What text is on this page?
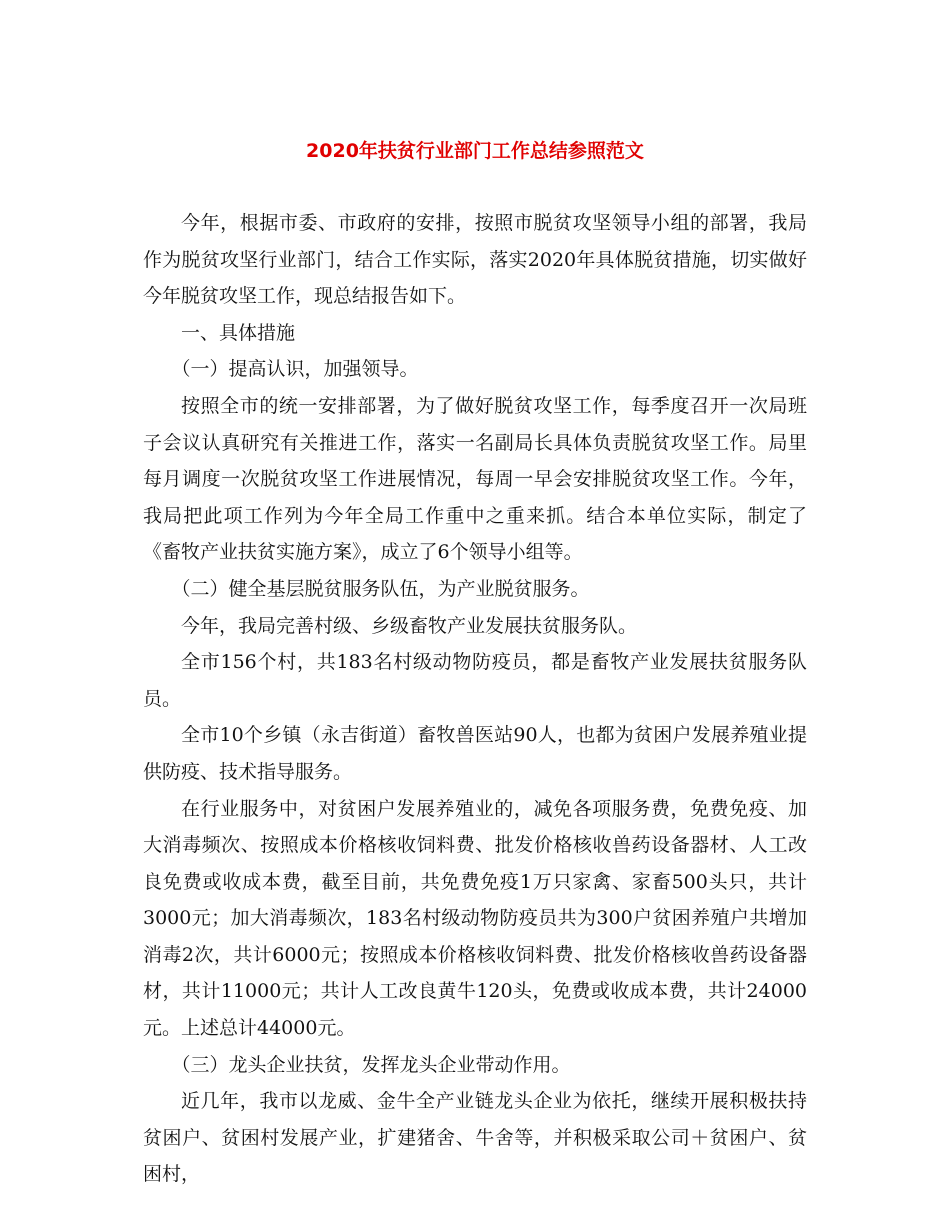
2020年扶贫行业部门工作总结参照范文

今年，根据市委、市政府的安排，按照市脱贫攻坚领导小组的部署，我局作为脱贫攻坚行业部门，结合工作实际，落实2020年具体脱贫措施，切实做好今年脱贫攻坚工作，现总结报告如下。

一、具体措施

（一）提高认识，加强领导。

按照全市的统一安排部署，为了做好脱贫攻坚工作，每季度召开一次局班子会议认真研究有关推进工作，落实一名副局长具体负责脱贫攻坚工作。局里每月调度一次脱贫攻坚工作进展情况，每周一早会安排脱贫攻坚工作。今年，我局把此项工作列为今年全局工作重中之重来抓。结合本单位实际，制定了《畜牧产业扶贫实施方案》，成立了6个领导小组等。

（二）健全基层脱贫服务队伍，为产业脱贫服务。

今年，我局完善村级、乡级畜牧产业发展扶贫服务队。

全市156个村，共183名村级动物防疫员，都是畜牧产业发展扶贫服务队员。

全市10个乡镇（永吉街道）畜牧兽医站90人，也都为贫困户发展养殖业提供防疫、技术指导服务。

在行业服务中，对贫困户发展养殖业的，减免各项服务费，免费免疫、加大消毒频次、按照成本价格核收饲料费、批发价格核收兽药设备器材、人工改良免费或收成本费，截至目前，共免费免疫1万只家禽、家畜500头只，共计3000元；加大消毒频次，183名村级动物防疫员共为300户贫困养殖户共增加消毒2次，共计6000元；按照成本价格核收饲料费、批发价格核收兽药设备器材，共计11000元；共计人工改良黄牛120头，免费或收成本费，共计24000元。上述总计44000元。

（三）龙头企业扶贫，发挥龙头企业带动作用。

近几年，我市以龙威、金牛全产业链龙头企业为依托，继续开展积极扶持贫困户、贫困村发展产业，扩建猪舍、牛舍等，并积极采取公司＋贫困户、贫困村，
